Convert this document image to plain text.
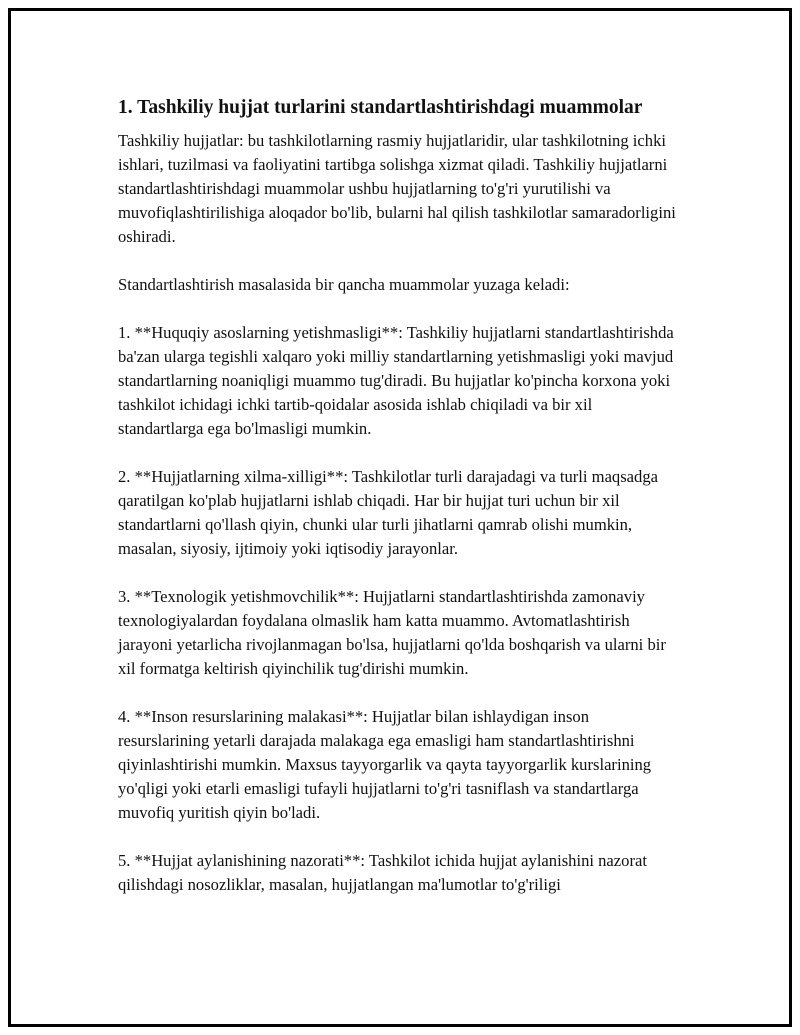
1. Tashkiliy hujjat turlarini standartlashtirishdagi muammolar

Tashkiliy hujjatlar: bu tashkilotlarning rasmiy hujjatlaridir, ular tashkilotning ichki ishlari, tuzilmasi va faoliyatini tartibga solishga xizmat qiladi. Tashkiliy hujjatlarni standartlashtirishdagi muammolar ushbu hujjatlarning to'g'ri yurutilishi va muvofiqlashtirilishiga aloqador bo'lib, bularni hal qilish tashkilotlar samaradorligini oshiradi.

Standartlashtirish masalasida bir qancha muammolar yuzaga keladi:

1. **Huquqiy asoslarning yetishmasligi**: Tashkiliy hujjatlarni standartlashtirishda ba'zan ularga tegishli xalqaro yoki milliy standartlarning yetishmasligi yoki mavjud standartlarning noaniqligi muammo tug'diradi. Bu hujjatlar ko'pincha korxona yoki tashkilot ichidagi ichki tartib-qoidalar asosida ishlab chiqiladi va bir xil standartlarga ega bo'lmasligi mumkin.

2. **Hujjatlarning xilma-xilligi**: Tashkilotlar turli darajadagi va turli maqsadga qaratilgan ko'plab hujjatlarni ishlab chiqadi. Har bir hujjat turi uchun bir xil standartlarni qo'llash qiyin, chunki ular turli jihatlarni qamrab olishi mumkin, masalan, siyosiy, ijtimoiy yoki iqtisodiy jarayonlar.

3. **Texnologik yetishmovchilik**: Hujjatlarni standartlashtirishda zamonaviy texnologiyalardan foydalana olmaslik ham katta muammo. Avtomatlashtirish jarayoni yetarlicha rivojlanmagan bo'lsa, hujjatlarni qo'lda boshqarish va ularni bir xil formatga keltirish qiyinchilik tug'dirishi mumkin.

4. **Inson resurslarining malakasi**: Hujjatlar bilan ishlaydigan inson resurslarining yetarli darajada malakaga ega emasligi ham standartlashtirishni qiyinlashtirishi mumkin. Maxsus tayyorgarlik va qayta tayyorgarlik kurslarining yo'qligi yoki etarli emasligi tufayli hujjatlarni to'g'ri tasniflash va standartlarga muvofiq yuritish qiyin bo'ladi.

5. **Hujjat aylanishining nazorati**: Tashkilot ichida hujjat aylanishini nazorat qilishdagi nosozliklar, masalan, hujjatlangan ma'lumotlar to'g'riligi
